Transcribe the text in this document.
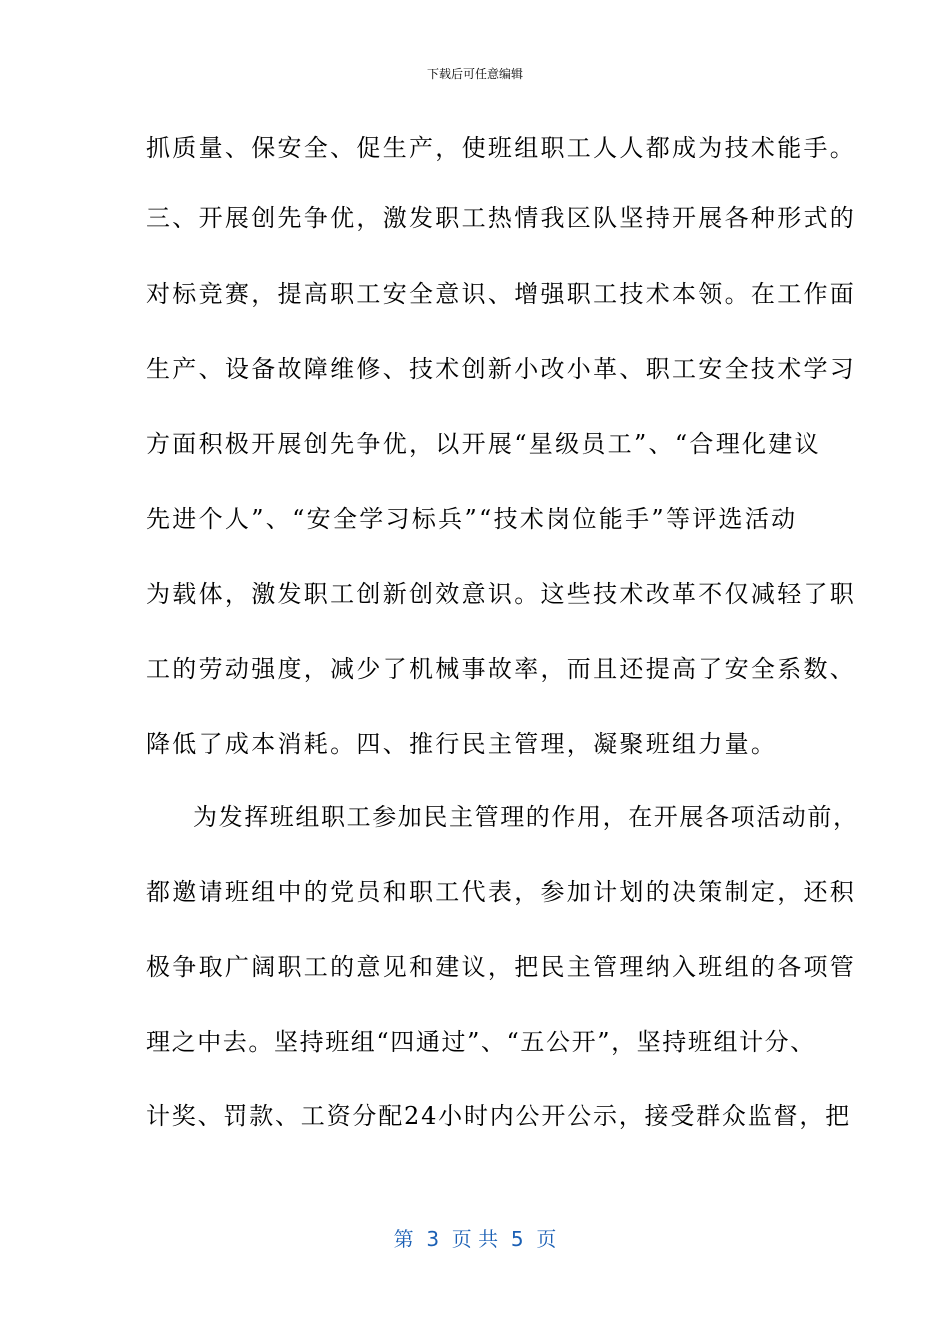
下载后可任意编辑
抓质量、保安全、促生产，使班组职工人人都成为技术能手。
三、开展创先争优，激发职工热情我区队坚持开展各种形式的
对标竞赛，提高职工安全意识、增强职工技术本领。在工作面
生产、设备故障维修、技术创新小改小革、职工安全技术学习
方面积极开展创先争优，以开展“星级员工”、“合理化建议
先进个人”、“安全学习标兵”“技术岗位能手”等评选活动
为载体，激发职工创新创效意识。这些技术改革不仅减轻了职
工的劳动强度，减少了机械事故率，而且还提高了安全系数、
降低了成本消耗。四、推行民主管理，凝聚班组力量。
为发挥班组职工参加民主管理的作用，在开展各项活动前，
都邀请班组中的党员和职工代表，参加计划的决策制定，还积
极争取广阔职工的意见和建议，把民主管理纳入班组的各项管
理之中去。坚持班组“四通过”、“五公开”，坚持班组计分、
计奖、罚款、工资分配24小时内公开公示，接受群众监督，把
第  3  页 共  5  页
